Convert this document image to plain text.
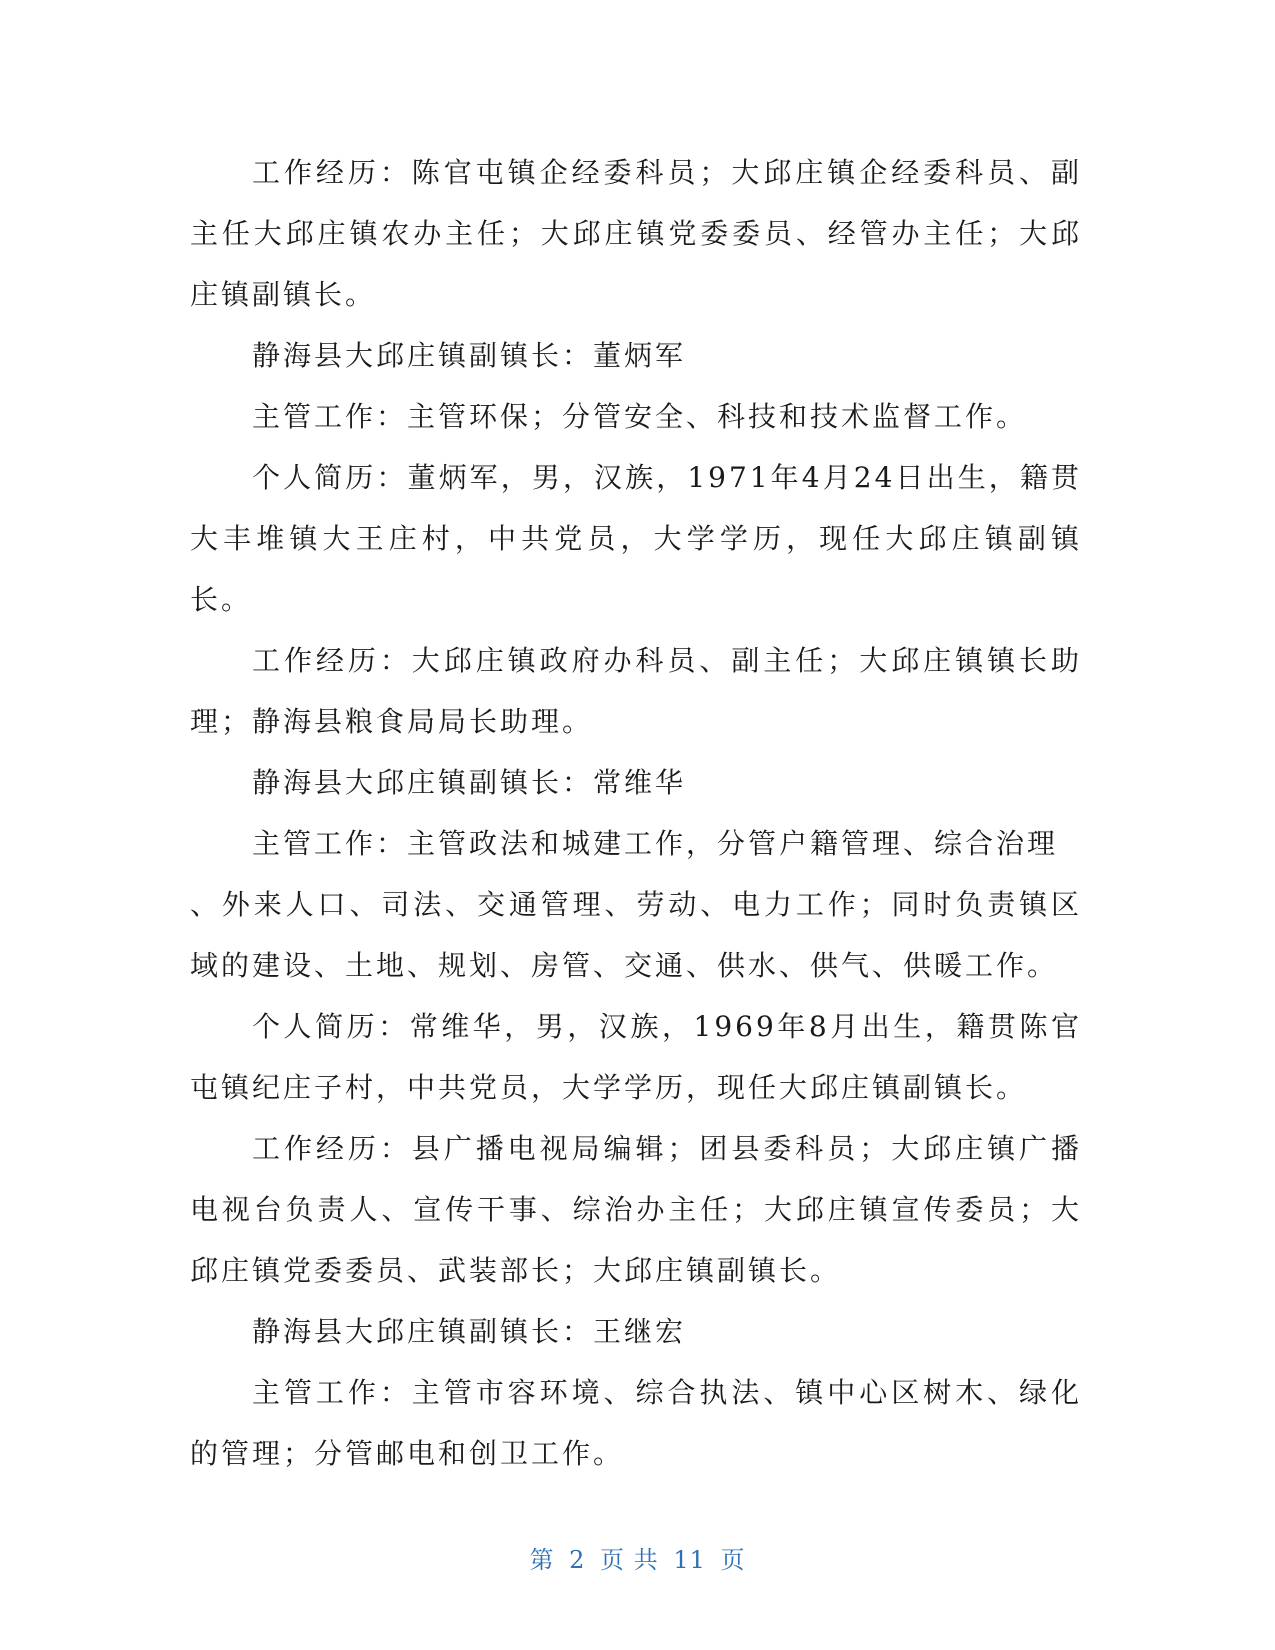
工作经历：陈官屯镇企经委科员；大邱庄镇企经委科员、副主任大邱庄镇农办主任；大邱庄镇党委委员、经管办主任；大邱庄镇副镇长。

静海县大邱庄镇副镇长：董炳军

主管工作：主管环保；分管安全、科技和技术监督工作。

个人简历：董炳军，男，汉族，1971年4月24日出生，籍贯大丰堆镇大王庄村，中共党员，大学学历，现任大邱庄镇副镇长。

工作经历：大邱庄镇政府办科员、副主任；大邱庄镇镇长助理；静海县粮食局局长助理。

静海县大邱庄镇副镇长：常维华

主管工作：主管政法和城建工作，分管户籍管理、综合治理

、外来人口、司法、交通管理、劳动、电力工作；同时负责镇区域的建设、土地、规划、房管、交通、供水、供气、供暖工作。

个人简历：常维华，男，汉族，1969年8月出生，籍贯陈官屯镇纪庄子村，中共党员，大学学历，现任大邱庄镇副镇长。

工作经历：县广播电视局编辑；团县委科员；大邱庄镇广播电视台负责人、宣传干事、综治办主任；大邱庄镇宣传委员；大邱庄镇党委委员、武装部长；大邱庄镇副镇长。

静海县大邱庄镇副镇长：王继宏

主管工作：主管市容环境、综合执法、镇中心区树木、绿化的管理；分管邮电和创卫工作。

第 2 页 共 11 页
